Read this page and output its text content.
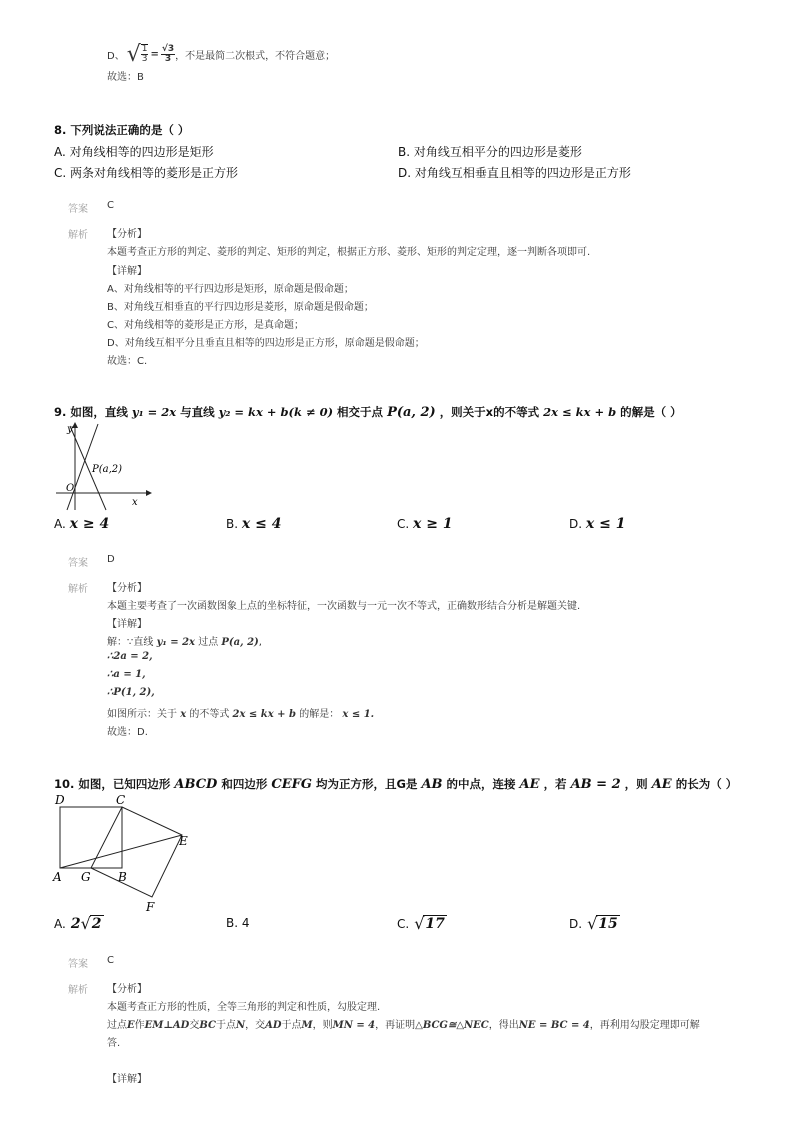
D、 √ $\frac{1}{3} = \frac{√3}{3}$ ，不是最简二次根式，不符合题意；
故选：B
8. 下列说法正确的是（ ）
A. 对角线相等的四边形是矩形	B. 对角线互相平分的四边形是菱形
C. 两条对角线相等的菱形是正方形	D. 对角线互相垂直且相等的四边形是正方形
答案 C
解析 【分析】
本题考查正方形的判定、菱形的判定、矩形的判定，根据正方形、菱形、矩形的判定定理，逐一判断各项即可.
【详解】
A、对角线相等的平行四边形是矩形，原命题是假命题；
B、对角线互相垂直的平行四边形是菱形，原命题是假命题；
C、对角线相等的菱形是正方形，是真命题；
D、对角线互相平分且垂直且相等的四边形是正方形，原命题是假命题；
故选：C.
9. 如图，直线 y₁ = 2x 与直线 y₂ = kx + b(k ≠ 0) 相交于点 P(a, 2) ，则关于x的不等式 2x ≤ kx + b 的解是（ ）
y
x
O
P(a,2)
A. x ≥ 4	B. x ≤ 4	C. x ≥ 1	D. x ≤ 1
答案 D
解析 【分析】
本题主要考查了一次函数图象上点的坐标特征，一次函数与一元一次不等式，正确数形结合分析是解题关键.
【详解】
解：∵直线 y₁ = 2x 过点 P(a, 2),
∴2a = 2,
∴a = 1,
∴P(1, 2),
如图所示：关于 x 的不等式 2x ≤ kx + b 的解是： x ≤ 1.
故选：D.
10. 如图，已知四边形 ABCD 和四边形 CEFG 均为正方形，且G是 AB 的中点，连接 AE ，若 AB = 2 ，则 AE 的长为（ ）
D	C
E
A G B
F
A. 2 √ 2	B. 4	C. √ 17	D. √ 15
答案 C
解析 【分析】
本题考查正方形的性质，全等三角形的判定和性质，勾股定理.
过点E作EM⊥AD交BC于点N，交AD于点M，则MN = 4，再证明△BCG≅△NEC，得出NE = BC = 4，再利用勾股定理即可解
答.
【详解】
